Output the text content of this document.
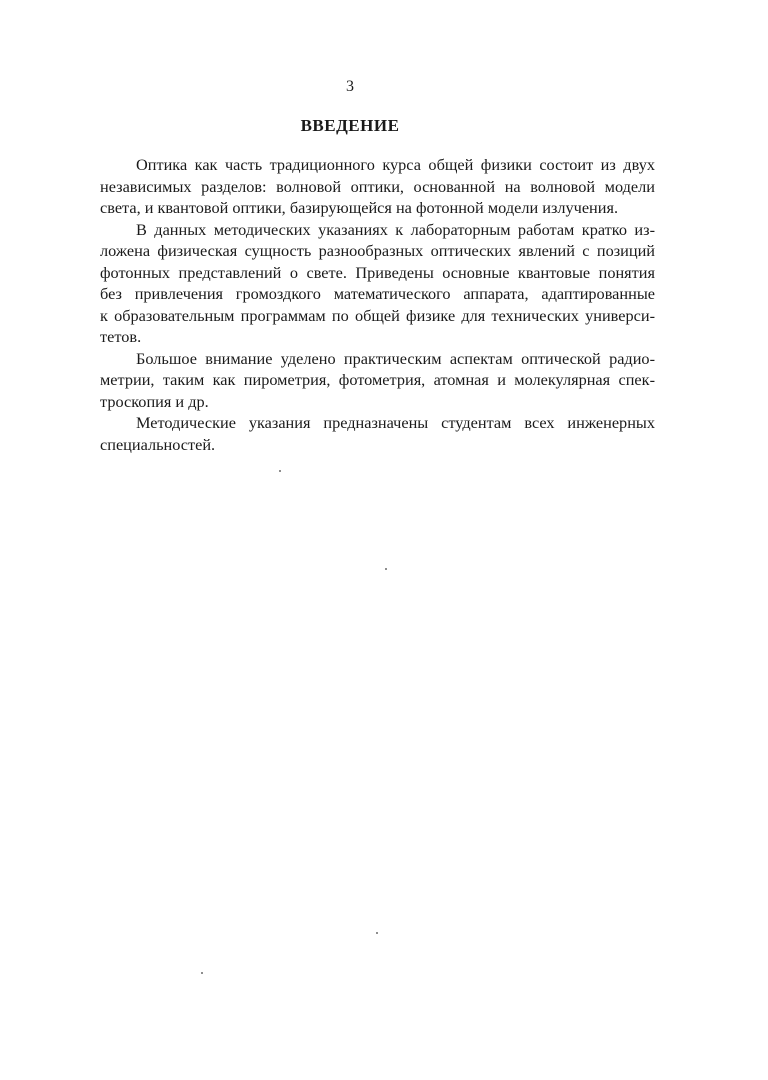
3
ВВЕДЕНИЕ
Оптика как часть традиционного курса общей физики состоит из двух
независимых разделов: волновой оптики, основанной на волновой модели
света, и квантовой оптики, базирующейся на фотонной модели излучения.
В данных методических указаниях к лабораторным работам кратко из-
ложена физическая сущность разнообразных оптических явлений с позиций
фотонных представлений о свете. Приведены основные квантовые понятия
без привлечения громоздкого математического аппарата, адаптированные
к образовательным программам по общей физике для технических универси-
тетов.
Большое внимание уделено практическим аспектам оптической радио-
метрии, таким как пирометрия, фотометрия, атомная и молекулярная спек-
троскопия и др.
Методические указания предназначены студентам всех инженерных
специальностей.
